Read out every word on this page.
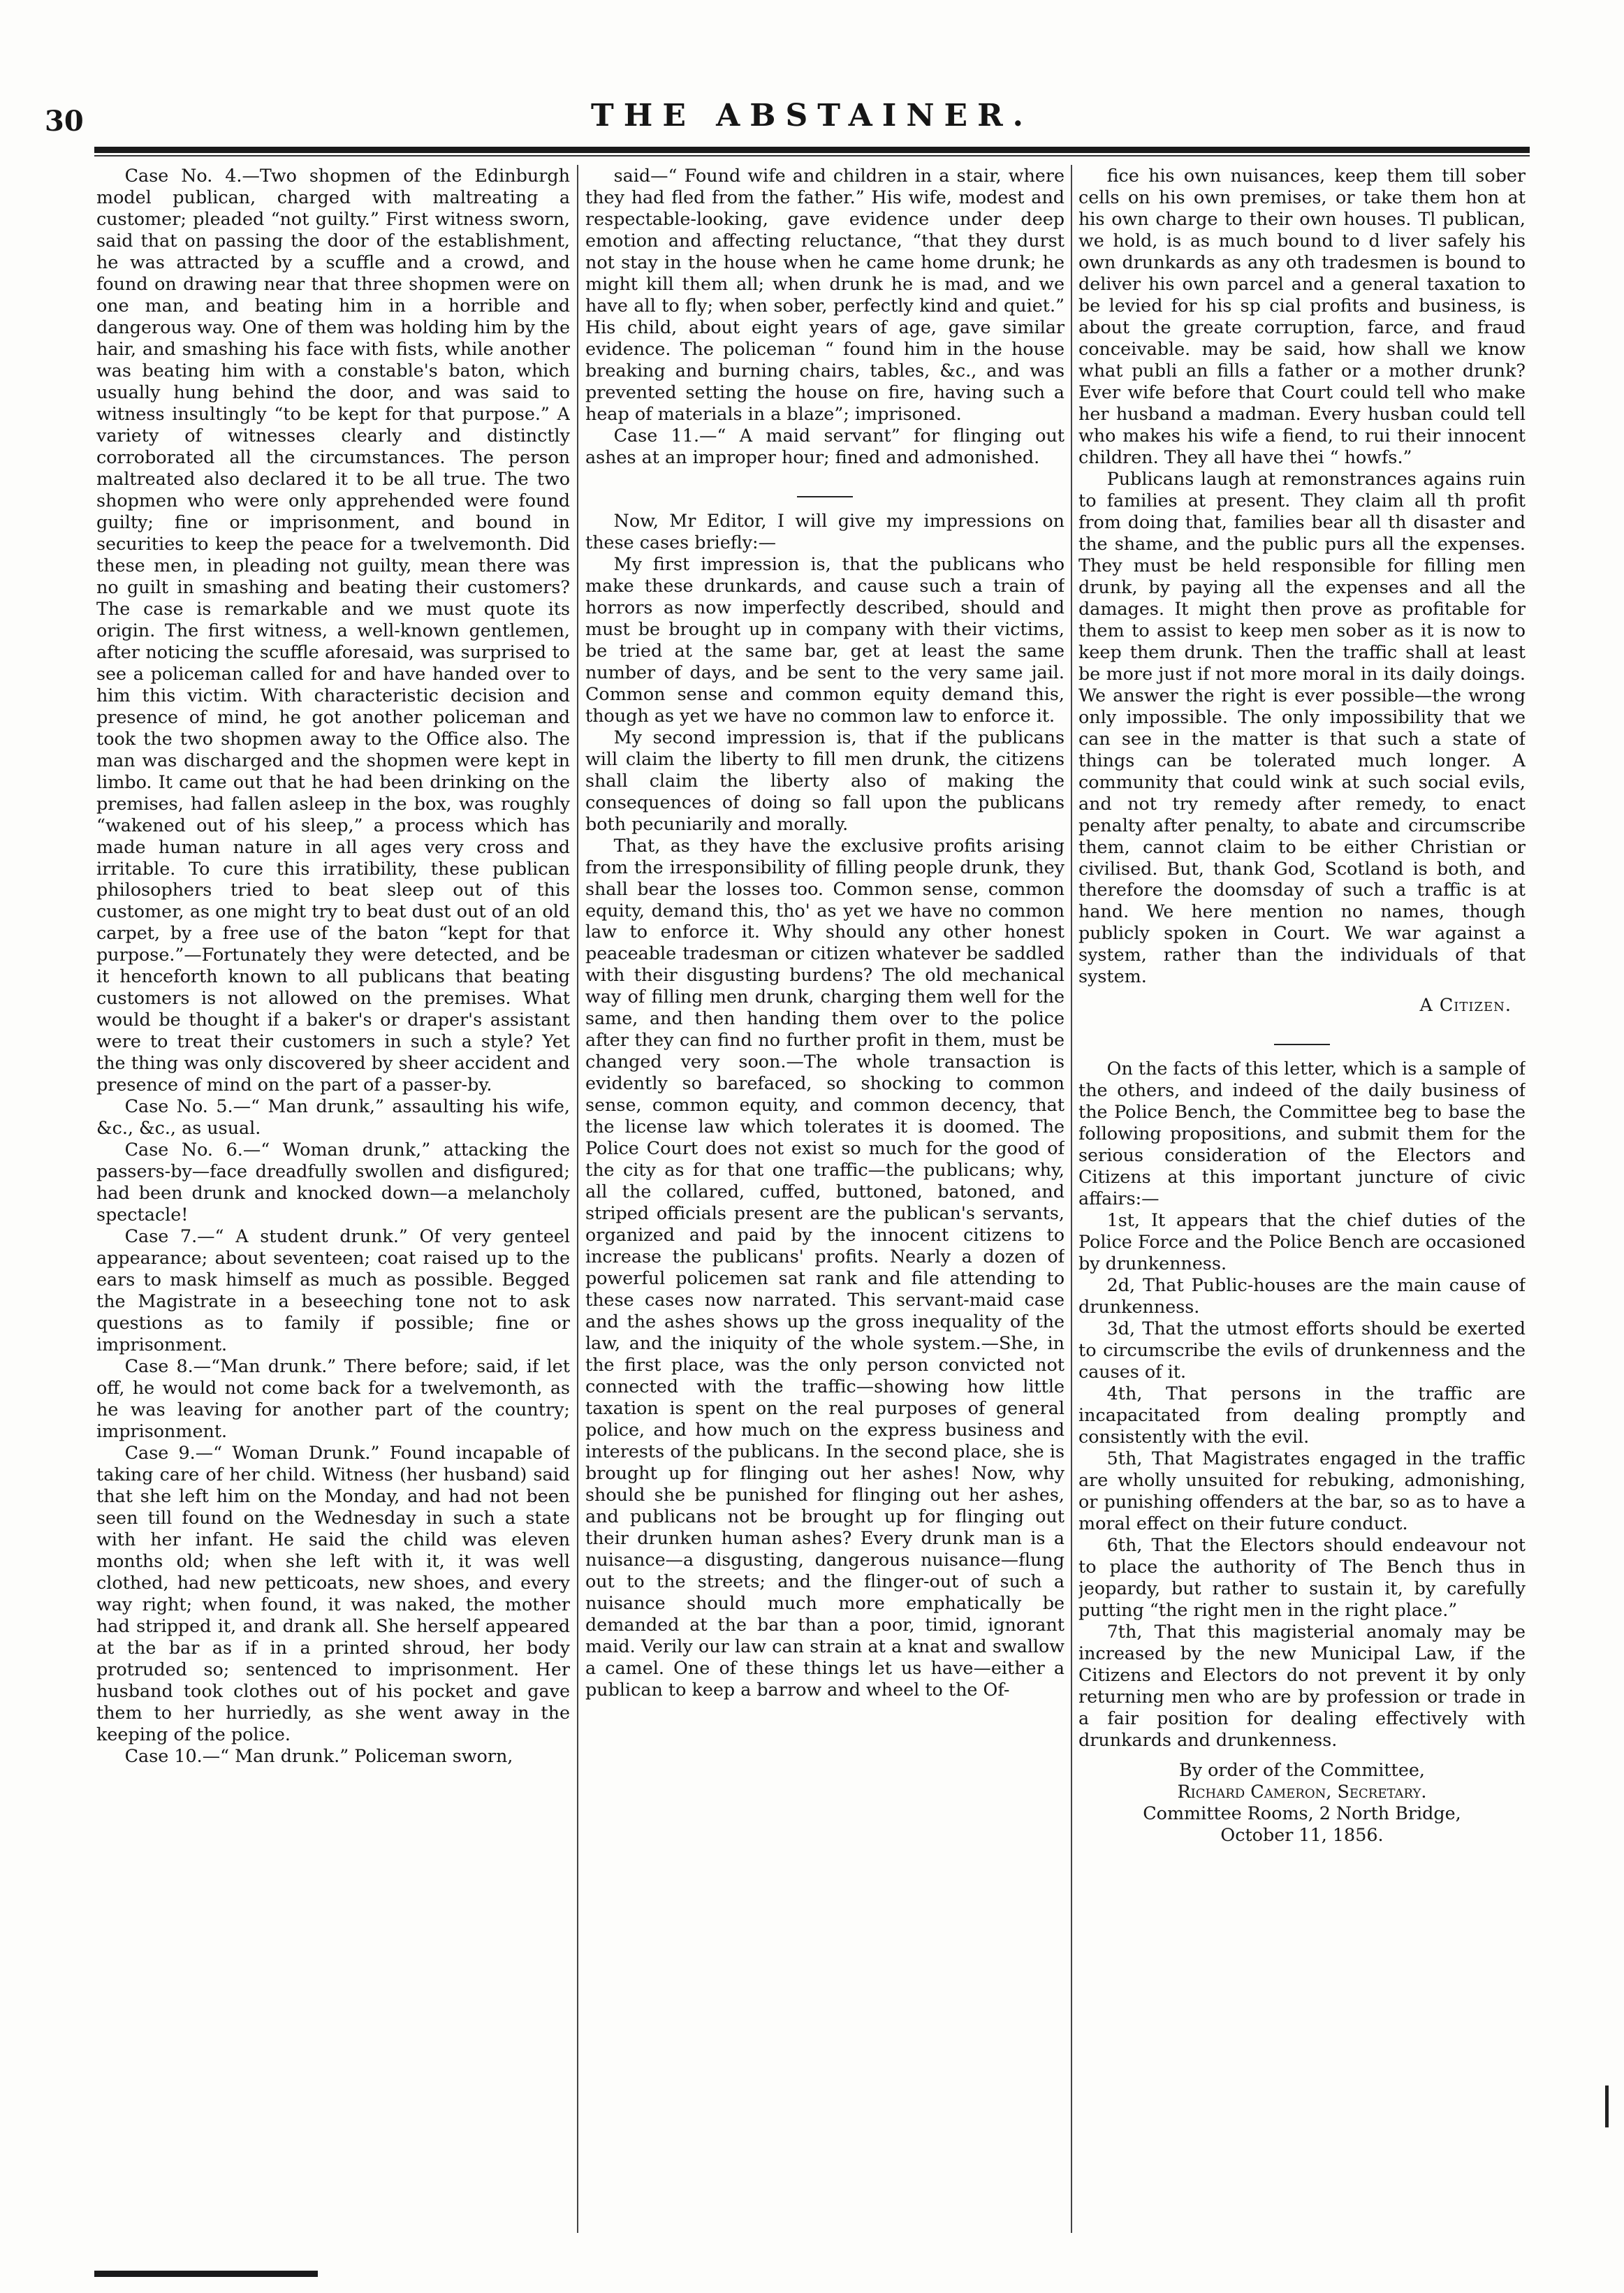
30	THE ABSTAINER.

Case No. 4.—Two shopmen of the Edinburgh model publican, charged with maltreating a customer; pleaded “not guilty.” First witness sworn, said that on passing the door of the establishment, he was attracted by a scuffle and a crowd, and found on drawing near that three shopmen were on one man, and beating him in a horrible and dangerous way. One of them was holding him by the hair, and smashing his face with fists, while another was beating him with a constable's baton, which usually hung behind the door, and was said to witness insultingly “to be kept for that purpose.” A variety of witnesses clearly and distinctly corroborated all the circumstances. The person maltreated also declared it to be all true. The two shopmen who were only apprehended were found guilty; fine or imprisonment, and bound in securities to keep the peace for a twelvemonth. Did these men, in pleading not guilty, mean there was no guilt in smashing and beating their customers? The case is remarkable and we must quote its origin. The first witness, a well-known gentlemen, after noticing the scuffle aforesaid, was surprised to see a policeman called for and have handed over to him this victim. With characteristic decision and presence of mind, he got another policeman and took the two shopmen away to the Office also. The man was discharged and the shopmen were kept in limbo. It came out that he had been drinking on the premises, had fallen asleep in the box, was roughly “wakened out of his sleep,” a process which has made human nature in all ages very cross and irritable. To cure this irratibility, these publican philosophers tried to beat sleep out of this customer, as one might try to beat dust out of an old carpet, by a free use of the baton “kept for that purpose.”—Fortunately they were detected, and be it henceforth known to all publicans that beating customers is not allowed on the premises. What would be thought if a baker's or draper's assistant were to treat their customers in such a style? Yet the thing was only discovered by sheer accident and presence of mind on the part of a passer-by.

Case No. 5.—“ Man drunk,” assaulting his wife, &c., &c., as usual.

Case No. 6.—“ Woman drunk,” attacking the passers-by—face dreadfully swollen and disfigured; had been drunk and knocked down—a melancholy spectacle!

Case 7.—“ A student drunk.” Of very genteel appearance; about seventeen; coat raised up to the ears to mask himself as much as possible. Begged the Magistrate in a beseeching tone not to ask questions as to family if possible; fine or imprisonment.

Case 8.—“Man drunk.” There before; said, if let off, he would not come back for a twelvemonth, as he was leaving for another part of the country; imprisonment.

Case 9.—“ Woman Drunk.” Found incapable of taking care of her child. Witness (her husband) said that she left him on the Monday, and had not been seen till found on the Wednesday in such a state with her infant. He said the child was eleven months old; when she left with it, it was well clothed, had new petticoats, new shoes, and every way right; when found, it was naked, the mother had stripped it, and drank all. She herself appeared at the bar as if in a printed shroud, her body protruded so; sentenced to imprisonment. Her husband took clothes out of his pocket and gave them to her hurriedly, as she went away in the keeping of the police.

Case 10.—“ Man drunk.” Policeman sworn,

said—“ Found wife and children in a stair, where they had fled from the father.” His wife, modest and respectable-looking, gave evidence under deep emotion and affecting reluctance, “that they durst not stay in the house when he came home drunk; he might kill them all; when drunk he is mad, and we have all to fly; when sober, perfectly kind and quiet.” His child, about eight years of age, gave similar evidence. The policeman “ found him in the house breaking and burning chairs, tables, &c., and was prevented setting the house on fire, having such a heap of materials in a blaze”; imprisoned.

Case 11.—“ A maid servant” for flinging out ashes at an improper hour; fined and admonished.

Now, Mr Editor, I will give my impressions on these cases briefly:—

My first impression is, that the publicans who make these drunkards, and cause such a train of horrors as now imperfectly described, should and must be brought up in company with their victims, be tried at the same bar, get at least the same number of days, and be sent to the very same jail. Common sense and common equity demand this, though as yet we have no common law to enforce it.

My second impression is, that if the publicans will claim the liberty to fill men drunk, the citizens shall claim the liberty also of making the consequences of doing so fall upon the publicans both pecuniarily and morally.

That, as they have the exclusive profits arising from the irresponsibility of filling people drunk, they shall bear the losses too. Common sense, common equity, demand this, tho' as yet we have no common law to enforce it. Why should any other honest peaceable tradesman or citizen whatever be saddled with their disgusting burdens? The old mechanical way of filling men drunk, charging them well for the same, and then handing them over to the police after they can find no further profit in them, must be changed very soon.—The whole transaction is evidently so barefaced, so shocking to common sense, common equity, and common decency, that the license law which tolerates it is doomed. The Police Court does not exist so much for the good of the city as for that one traffic—the publicans; why, all the collared, cuffed, buttoned, batoned, and striped officials present are the publican's servants, organized and paid by the innocent citizens to increase the publicans' profits. Nearly a dozen of powerful policemen sat rank and file attending to these cases now narrated. This servant-maid case and the ashes shows up the gross inequality of the law, and the iniquity of the whole system.—She, in the first place, was the only person convicted not connected with the traffic—showing how little taxation is spent on the real purposes of general police, and how much on the express business and interests of the publicans. In the second place, she is brought up for flinging out her ashes! Now, why should she be punished for flinging out her ashes, and publicans not be brought up for flinging out their drunken human ashes? Every drunk man is a nuisance—a disgusting, dangerous nuisance—flung out to the streets; and the flinger-out of such a nuisance should much more emphatically be demanded at the bar than a poor, timid, ignorant maid. Verily our law can strain at a knat and swallow a camel. One of these things let us have—either a publican to keep a barrow and wheel to the Of-

fice his own nuisances, keep them till sober cells on his own premises, or take them hon at his own charge to their own houses. Tl publican, we hold, is as much bound to d liver safely his own drunkards as any oth tradesmen is bound to deliver his own parcel and a general taxation to be levied for his sp cial profits and business, is about the greate corruption, farce, and fraud conceivable. may be said, how shall we know what publi an fills a father or a mother drunk? Ever wife before that Court could tell who make her husband a madman. Every husban could tell who makes his wife a fiend, to rui their innocent children. They all have thei “ howfs.”

Publicans laugh at remonstrances agains ruin to families at present. They claim all th profit from doing that, families bear all th disaster and the shame, and the public purs all the expenses. They must be held responsible for filling men drunk, by paying all the expenses and all the damages. It might then prove as profitable for them to assist to keep men sober as it is now to keep them drunk. Then the traffic shall at least be more just if not more moral in its daily doings. We answer the right is ever possible—the wrong only impossible. The only impossibility that we can see in the matter is that such a state of things can be tolerated much longer. A community that could wink at such social evils, and not try remedy after remedy, to enact penalty after penalty, to abate and circumscribe them, cannot claim to be either Christian or civilised. But, thank God, Scotland is both, and therefore the doomsday of such a traffic is at hand. We here mention no names, though publicly spoken in Court. We war against a system, rather than the individuals of that system.

A Citizen.

On the facts of this letter, which is a sample of the others, and indeed of the daily business of the Police Bench, the Committee beg to base the following propositions, and submit them for the serious consideration of the Electors and Citizens at this important juncture of civic affairs:—

1st, It appears that the chief duties of the Police Force and the Police Bench are occasioned by drunkenness.

2d, That Public-houses are the main cause of drunkenness.

3d, That the utmost efforts should be exerted to circumscribe the evils of drunkenness and the causes of it.

4th, That persons in the traffic are incapacitated from dealing promptly and consistently with the evil.

5th, That Magistrates engaged in the traffic are wholly unsuited for rebuking, admonishing, or punishing offenders at the bar, so as to have a moral effect on their future conduct.

6th, That the Electors should endeavour not to place the authority of The Bench thus in jeopardy, but rather to sustain it, by carefully putting “the right men in the right place.”

7th, That this magisterial anomaly may be increased by the new Municipal Law, if the Citizens and Electors do not prevent it by only returning men who are by profession or trade in a fair position for dealing effectively with drunkards and drunkenness.

By order of the Committee,

Richard Cameron, Secretary.

Committee Rooms, 2 North Bridge,

October 11, 1856.
